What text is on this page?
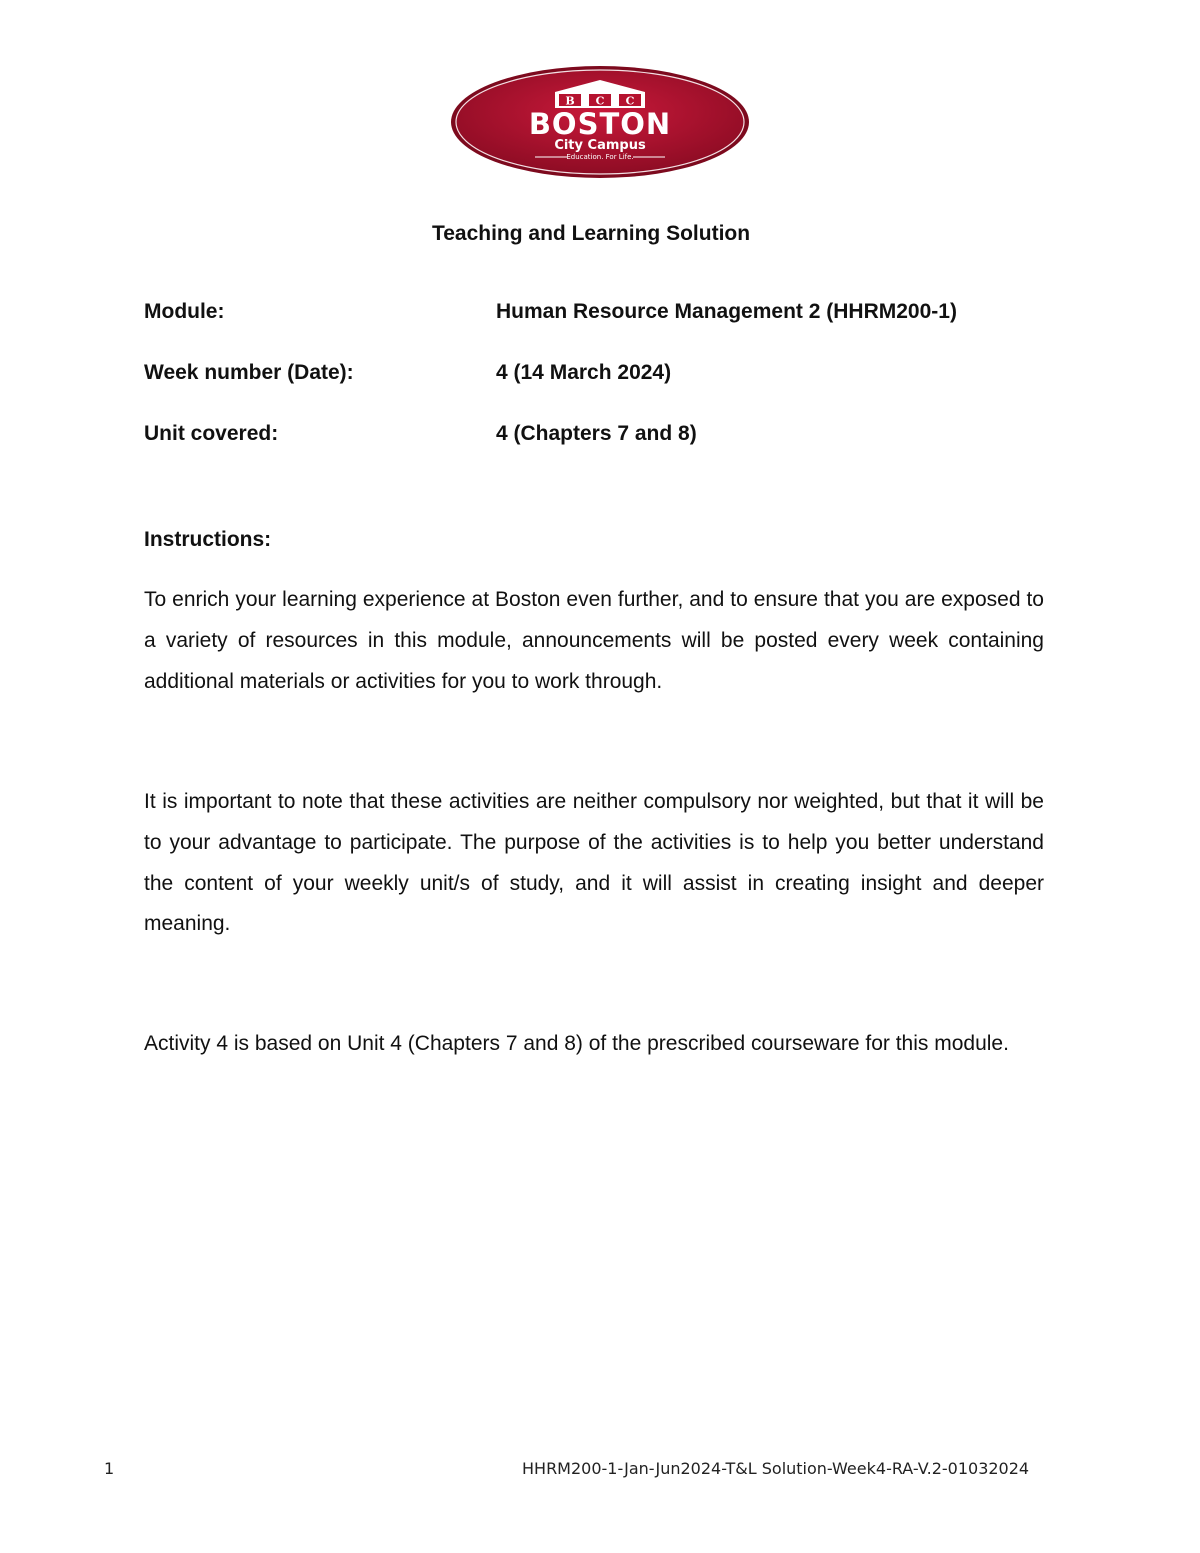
B C C
BOSTON
City Campus
Education. For Life.
Teaching and Learning Solution
Module:	Human Resource Management 2 (HHRM200-1)
Week number (Date):	4 (14 March 2024)
Unit covered:	4 (Chapters 7 and 8)
Instructions:

To enrich your learning experience at Boston even further, and to ensure that you are exposed to a variety of resources in this module, announcements will be posted every week containing additional materials or activities for you to work through.

It is important to note that these activities are neither compulsory nor weighted, but that it will be to your advantage to participate. The purpose of the activities is to help you better understand the content of your weekly unit/s of study, and it will assist in creating insight and deeper meaning.

Activity 4 is based on Unit 4 (Chapters 7 and 8) of the prescribed courseware for this module.

1	HHRM200-1-Jan-Jun2024-T&L Solution-Week4-RA-V.2-01032024
